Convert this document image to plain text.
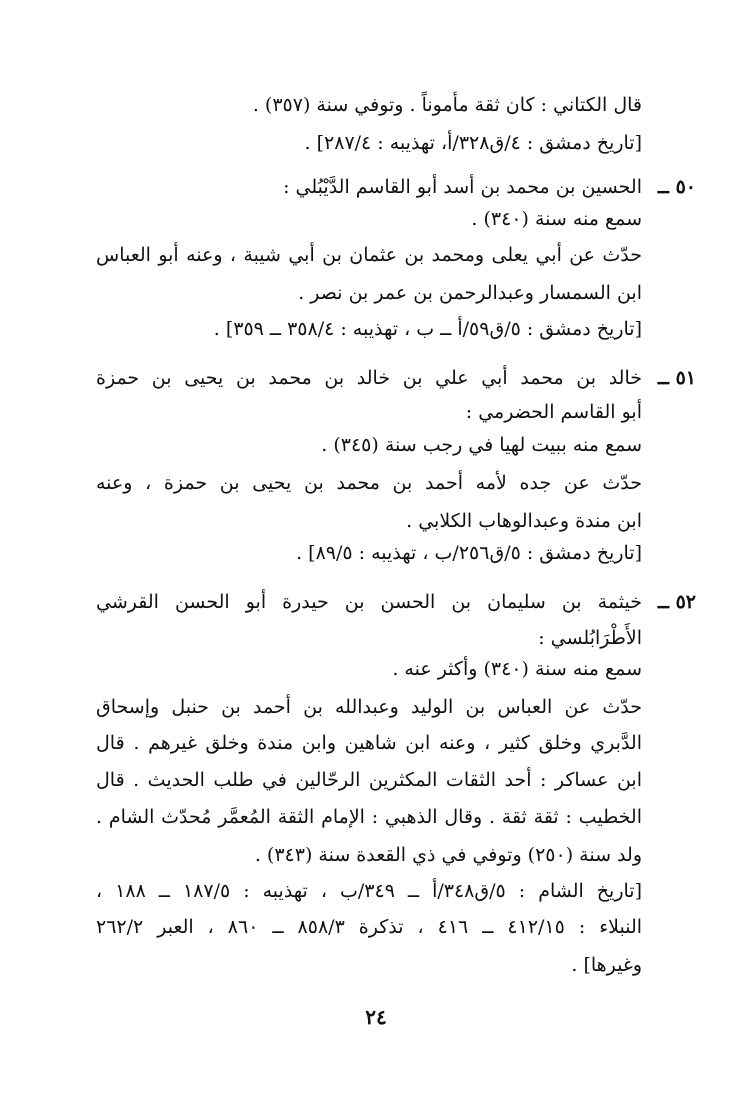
قال الكتاني : كان ثقة مأموناً . وتوفي سنة (٣٥٧) .
[تاريخ دمشق : ٤/ق٣٢٨/أ، تهذيبه : ٢٨٧/٤] .
٥٠ ــ
الحسين بن محمد بن أسد أبو القاسم الدَّيْبُلي :
سمع منه سنة (٣٤٠) .
حدّث عن أبي يعلى ومحمد بن عثمان بن أبي شيبة ، وعنه أبو العباس
ابن السمسار وعبدالرحمن بن عمر بن نصر .
[تاريخ دمشق : ٥/ق٥٩/أ ــ ب ، تهذيبه : ٣٥٨/٤ ــ ٣٥٩] .
٥١ ــ
خالد بن محمد أبي علي بن خالد بن محمد بن يحيى بن حمزة
أبو القاسم الحضرمي :
سمع منه ببيت لهيا في رجب سنة (٣٤٥) .
حدّث عن جده لأمه أحمد بن محمد بن يحيى بن حمزة ، وعنه
ابن مندة وعبدالوهاب الكلابي .
[تاريخ دمشق : ٥/ق٢٥٦/ب ، تهذيبه : ٨٩/٥] .
٥٢ ــ
خيثمة بن سليمان بن الحسن بن حيدرة أبو الحسن القرشي
الأَطْرَابُلسي :
سمع منه سنة (٣٤٠) وأكثر عنه .
حدّث عن العباس بن الوليد وعبدالله بن أحمد بن حنبل وإسحاق
الدَّبري وخلق كثير ، وعنه ابن شاهين وابن مندة وخلق غيرهم . قال
ابن عساكر : أحد الثقات المكثرين الرحّالين في طلب الحديث . قال
الخطيب : ثقة ثقة . وقال الذهبي : الإمام الثقة المُعمَّر مُحدّث الشام .
ولد سنة (٢٥٠) وتوفي في ذي القعدة سنة (٣٤٣) .
[تاريخ الشام : ٥/ق٣٤٨/أ ــ ٣٤٩/ب ، تهذيبه : ١٨٧/٥ ــ ١٨٨ ،
النبلاء : ٤١٢/١٥ ــ ٤١٦ ، تذكرة ٨٥٨/٣ ــ ٨٦٠ ، العبر ٢٦٢/٢
وغيرها] .
٢٤
